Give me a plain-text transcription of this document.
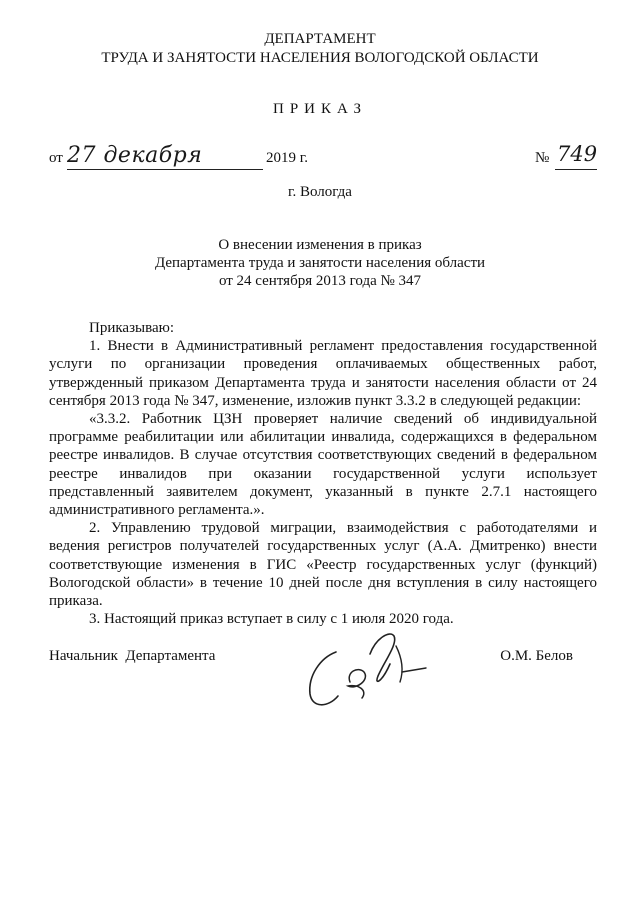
ДЕПАРТАМЕНТ
ТРУДА И ЗАНЯТОСТИ НАСЕЛЕНИЯ ВОЛОГОДСКОЙ ОБЛАСТИ
ПРИКАЗ
от 27 декабря	2019 г.	№ 749
г. Вологда
О внесении изменения в приказ
Департамента труда и занятости населения области
от 24 сентября 2013 года № 347

Приказываю:

1. Внести в Административный регламент предоставления государственной услуги по организации проведения оплачиваемых общественных работ, утвержденный приказом Департамента труда и занятости населения области от 24 сентября 2013 года № 347, изменение, изложив пункт 3.3.2 в следующей редакции:

«3.3.2. Работник ЦЗН проверяет наличие сведений об индивидуальной программе реабилитации или абилитации инвалида, содержащихся в федеральном реестре инвалидов. В случае отсутствия соответствующих сведений в федеральном реестре инвалидов при оказании государственной услуги использует представленный заявителем документ, указанный в пункте 2.7.1 настоящего административного регламента.».

2. Управлению трудовой миграции, взаимодействия с работодателями и ведения регистров получателей государственных услуг (А.А. Дмитренко) внести соответствующие изменения в ГИС «Реестр государственных услуг (функций) Вологодской области» в течение 10 дней после дня вступления в силу настоящего приказа.

3. Настоящий приказ вступает в силу с 1 июля 2020 года.

Начальник  Департамента	О.М. Белов
